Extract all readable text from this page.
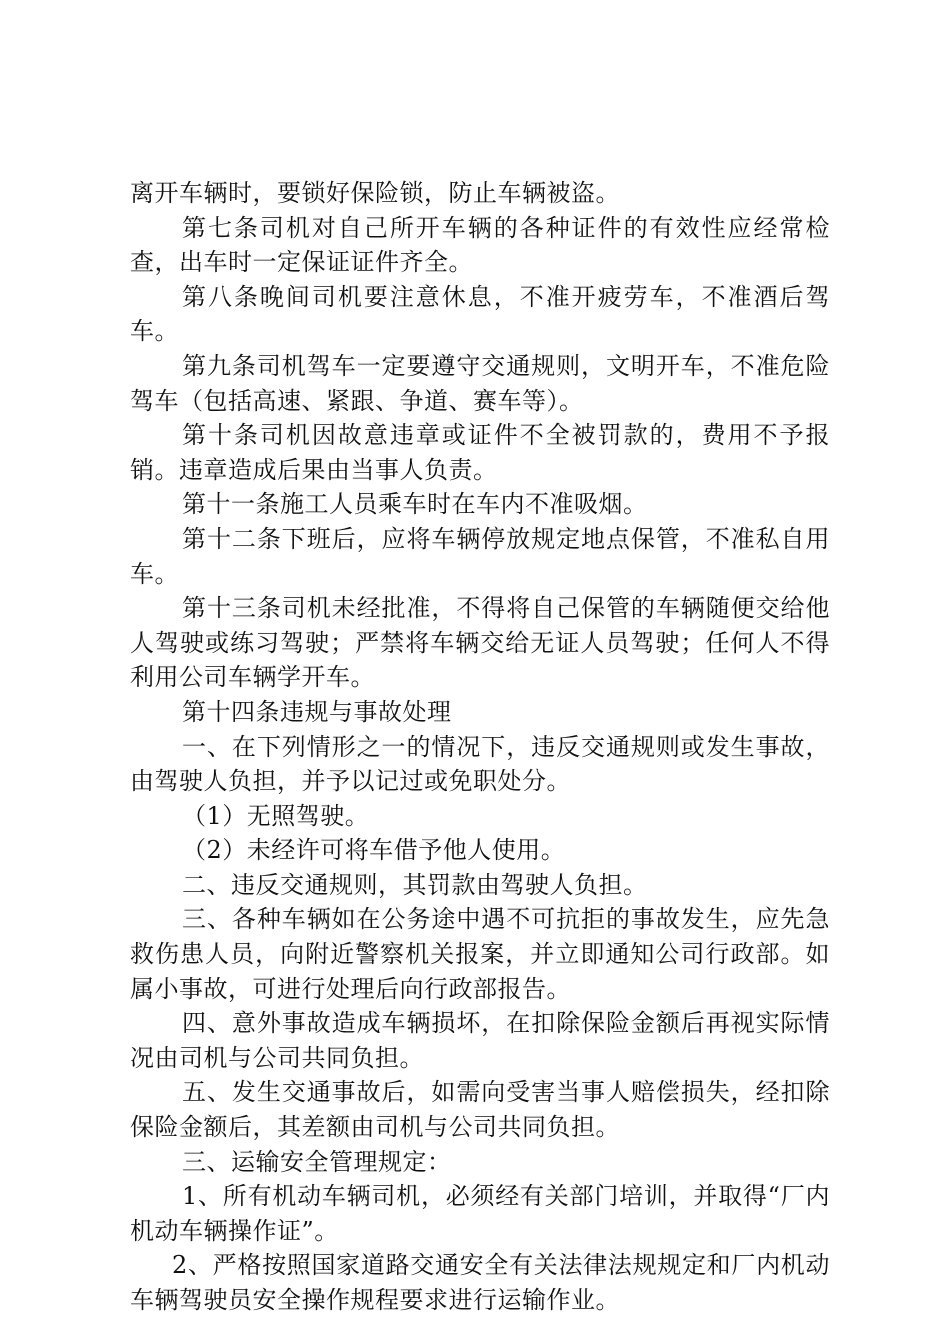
离开车辆时，要锁好保险锁，防止车辆被盗。

第七条司机对自己所开车辆的各种证件的有效性应经常检查，出车时一定保证证件齐全。

第八条晚间司机要注意休息，不准开疲劳车，不准酒后驾车。

第九条司机驾车一定要遵守交通规则，文明开车，不准危险驾车（包括高速、紧跟、争道、赛车等）。

第十条司机因故意违章或证件不全被罚款的，费用不予报销。违章造成后果由当事人负责。

第十一条施工人员乘车时在车内不准吸烟。

第十二条下班后，应将车辆停放规定地点保管，不准私自用车。

第十三条司机未经批准，不得将自己保管的车辆随便交给他人驾驶或练习驾驶；严禁将车辆交给无证人员驾驶；任何人不得利用公司车辆学开车。

第十四条违规与事故处理

一、在下列情形之一的情况下，违反交通规则或发生事故，由驾驶人负担，并予以记过或免职处分。

（1）无照驾驶。

（2）未经许可将车借予他人使用。

二、违反交通规则，其罚款由驾驶人负担。

三、各种车辆如在公务途中遇不可抗拒的事故发生，应先急救伤患人员，向附近警察机关报案，并立即通知公司行政部。如属小事故，可进行处理后向行政部报告。

四、意外事故造成车辆损坏，在扣除保险金额后再视实际情况由司机与公司共同负担。

五、发生交通事故后，如需向受害当事人赔偿损失，经扣除保险金额后，其差额由司机与公司共同负担。

三、运输安全管理规定：

1、所有机动车辆司机，必须经有关部门培训，并取得“厂内机动车辆操作证”。

2、严格按照国家道路交通安全有关法律法规规定和厂内机动车辆驾驶员安全操作规程要求进行运输作业。
